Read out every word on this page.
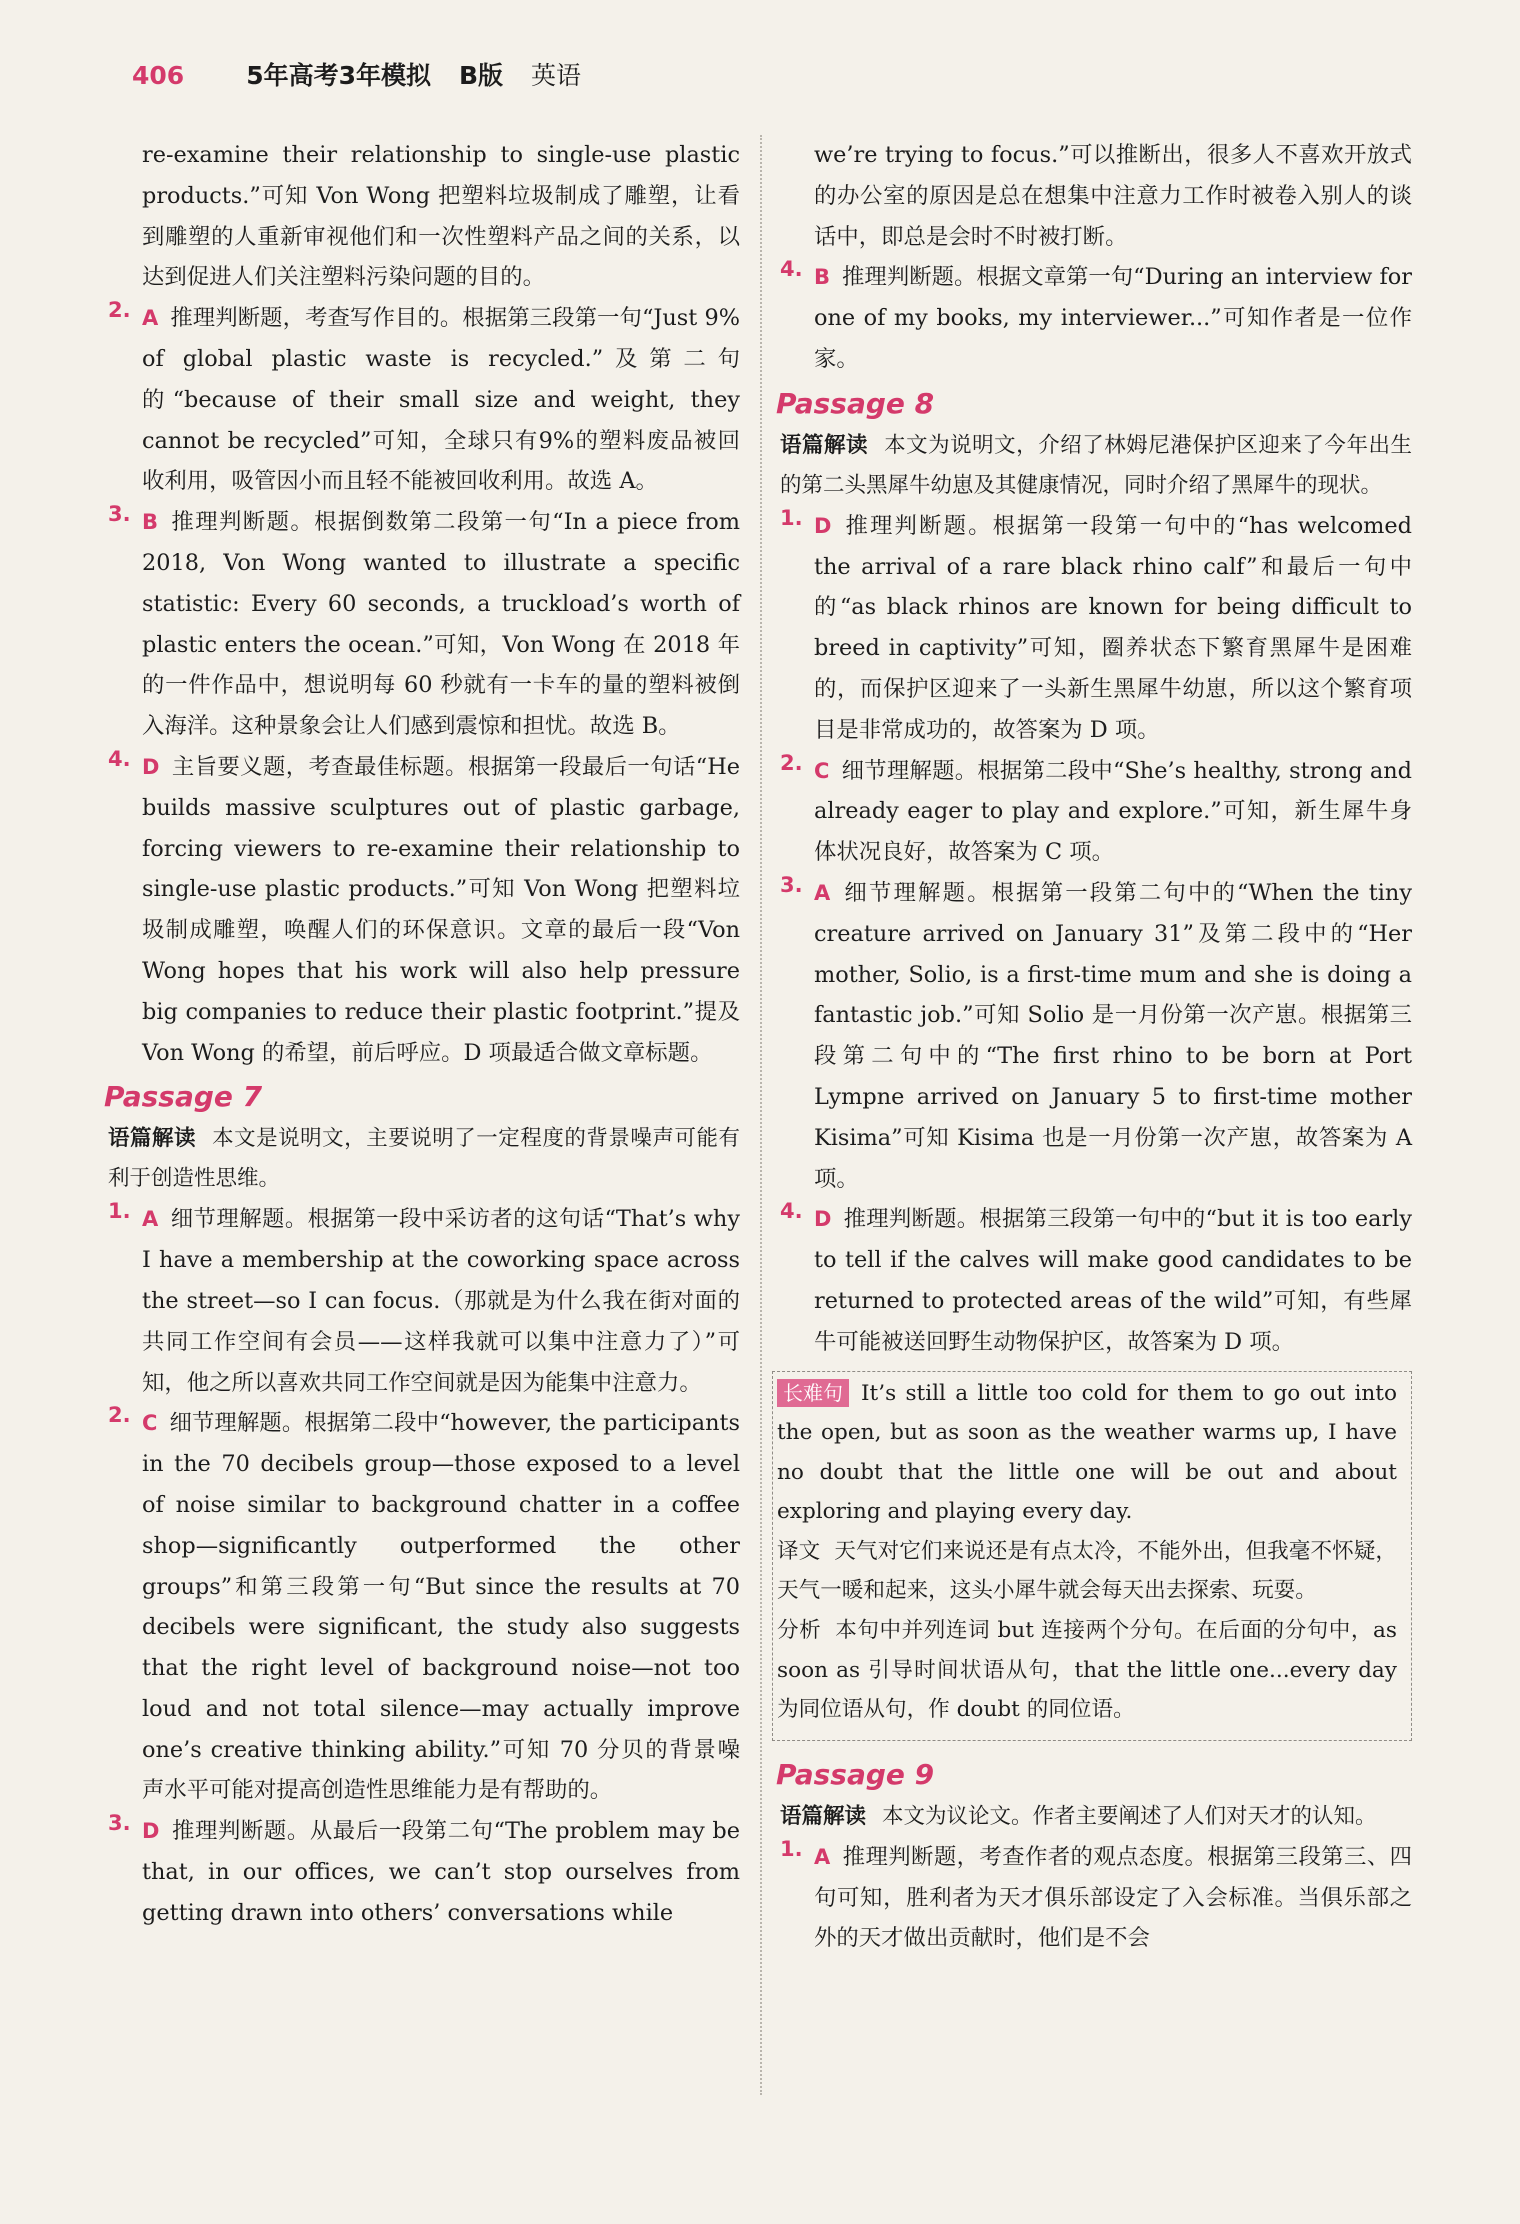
406 5年高考3年模拟 B版 英语

re-examine their relationship to single-use plastic products.”可知 Von Wong 把塑料垃圾制成了雕塑，让看到雕塑的人重新审视他们和一次性塑料产品之间的关系，以达到促进人们关注塑料污染问题的目的。

2. A 推理判断题，考查写作目的。根据第三段第一句“Just 9% of global plastic waste is recycled.”及第二句的“because of their small size and weight, they cannot be recycled”可知，全球只有9%的塑料废品被回收利用，吸管因小而且轻不能被回收利用。故选 A。

3. B 推理判断题。根据倒数第二段第一句“In a piece from 2018, Von Wong wanted to illustrate a specific statistic: Every 60 seconds, a truckload’s worth of plastic enters the ocean.”可知，Von Wong 在 2018 年的一件作品中，想说明每 60 秒就有一卡车的量的塑料被倒入海洋。这种景象会让人们感到震惊和担忧。故选 B。

4. D 主旨要义题，考查最佳标题。根据第一段最后一句话“He builds massive sculptures out of plastic garbage, forcing viewers to re-examine their relationship to single-use plastic products.”可知 Von Wong 把塑料垃圾制成雕塑，唤醒人们的环保意识。文章的最后一段“Von Wong hopes that his work will also help pressure big companies to reduce their plastic footprint.”提及 Von Wong 的希望，前后呼应。D 项最适合做文章标题。

Passage 7

语篇解读 本文是说明文，主要说明了一定程度的背景噪声可能有利于创造性思维。

1. A 细节理解题。根据第一段中采访者的这句话“That’s why I have a membership at the coworking space across the street—so I can focus.（那就是为什么我在街对面的共同工作空间有会员——这样我就可以集中注意力了）”可知，他之所以喜欢共同工作空间就是因为能集中注意力。

2. C 细节理解题。根据第二段中“however, the participants in the 70 decibels group—those exposed to a level of noise similar to background chatter in a coffee shop—significantly outperformed the other groups”和第三段第一句“But since the results at 70 decibels were significant, the study also suggests that the right level of background noise—not too loud and not total silence—may actually improve one’s creative thinking ability.”可知 70 分贝的背景噪声水平可能对提高创造性思维能力是有帮助的。

3. D 推理判断题。从最后一段第二句“The problem may be that, in our offices, we can’t stop ourselves from getting drawn into others’ conversations while

we’re trying to focus.”可以推断出，很多人不喜欢开放式的办公室的原因是总在想集中注意力工作时被卷入别人的谈话中，即总是会时不时被打断。

4. B 推理判断题。根据文章第一句“During an interview for one of my books, my interviewer...”可知作者是一位作家。

Passage 8

语篇解读 本文为说明文，介绍了林姆尼港保护区迎来了今年出生的第二头黑犀牛幼崽及其健康情况，同时介绍了黑犀牛的现状。

1. D 推理判断题。根据第一段第一句中的“has welcomed the arrival of a rare black rhino calf”和最后一句中的“as black rhinos are known for being difficult to breed in captivity”可知，圈养状态下繁育黑犀牛是困难的，而保护区迎来了一头新生黑犀牛幼崽，所以这个繁育项目是非常成功的，故答案为 D 项。

2. C 细节理解题。根据第二段中“She’s healthy, strong and already eager to play and explore.”可知，新生犀牛身体状况良好，故答案为 C 项。

3. A 细节理解题。根据第一段第二句中的“When the tiny creature arrived on January 31”及第二段中的“Her mother, Solio, is a first-time mum and she is doing a fantastic job.”可知 Solio 是一月份第一次产崽。根据第三段第二句中的“The first rhino to be born at Port Lympne arrived on January 5 to first-time mother Kisima”可知 Kisima 也是一月份第一次产崽，故答案为 A 项。

4. D 推理判断题。根据第三段第一句中的“but it is too early to tell if the calves will make good candidates to be returned to protected areas of the wild”可知，有些犀牛可能被送回野生动物保护区，故答案为 D 项。

长难句 It’s still a little too cold for them to go out into the open, but as soon as the weather warms up, I have no doubt that the little one will be out and about exploring and playing every day.

译文 天气对它们来说还是有点太冷，不能外出，但我毫不怀疑，天气一暖和起来，这头小犀牛就会每天出去探索、玩耍。

分析 本句中并列连词 but 连接两个分句。在后面的分句中，as soon as 引导时间状语从句，that the little one...every day 为同位语从句，作 doubt 的同位语。

Passage 9

语篇解读 本文为议论文。作者主要阐述了人们对天才的认知。

1. A 推理判断题，考查作者的观点态度。根据第三段第三、四句可知，胜利者为天才俱乐部设定了入会标准。当俱乐部之外的天才做出贡献时，他们是不会
